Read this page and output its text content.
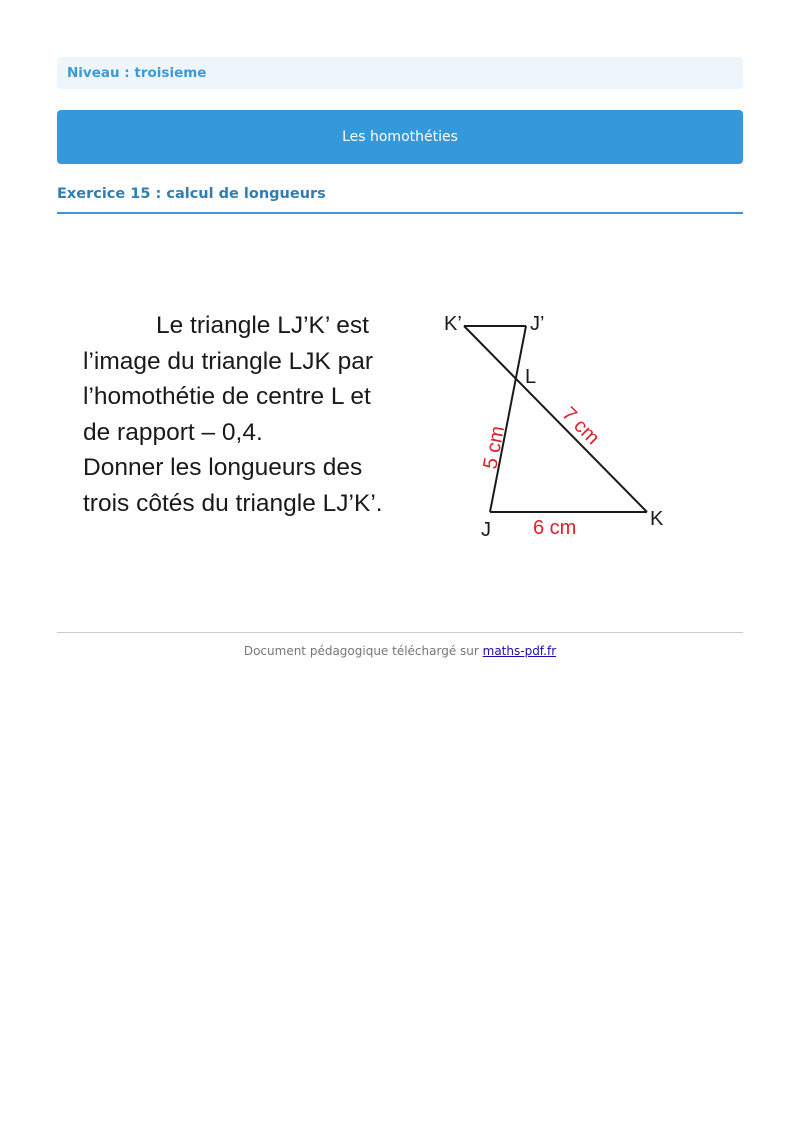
Niveau : troisieme
Les homothéties
Exercice 15 : calcul de longueurs
Le triangle LJ’K’ est
l’image du triangle LJK par
l’homothétie de centre L et
de rapport – 0,4.
Donner les longueurs des
trois côtés du triangle LJ’K’.
K’	J’
L
J	K
5 cm 7 cm
6 cm
Document pédagogique téléchargé sur maths-pdf.fr
